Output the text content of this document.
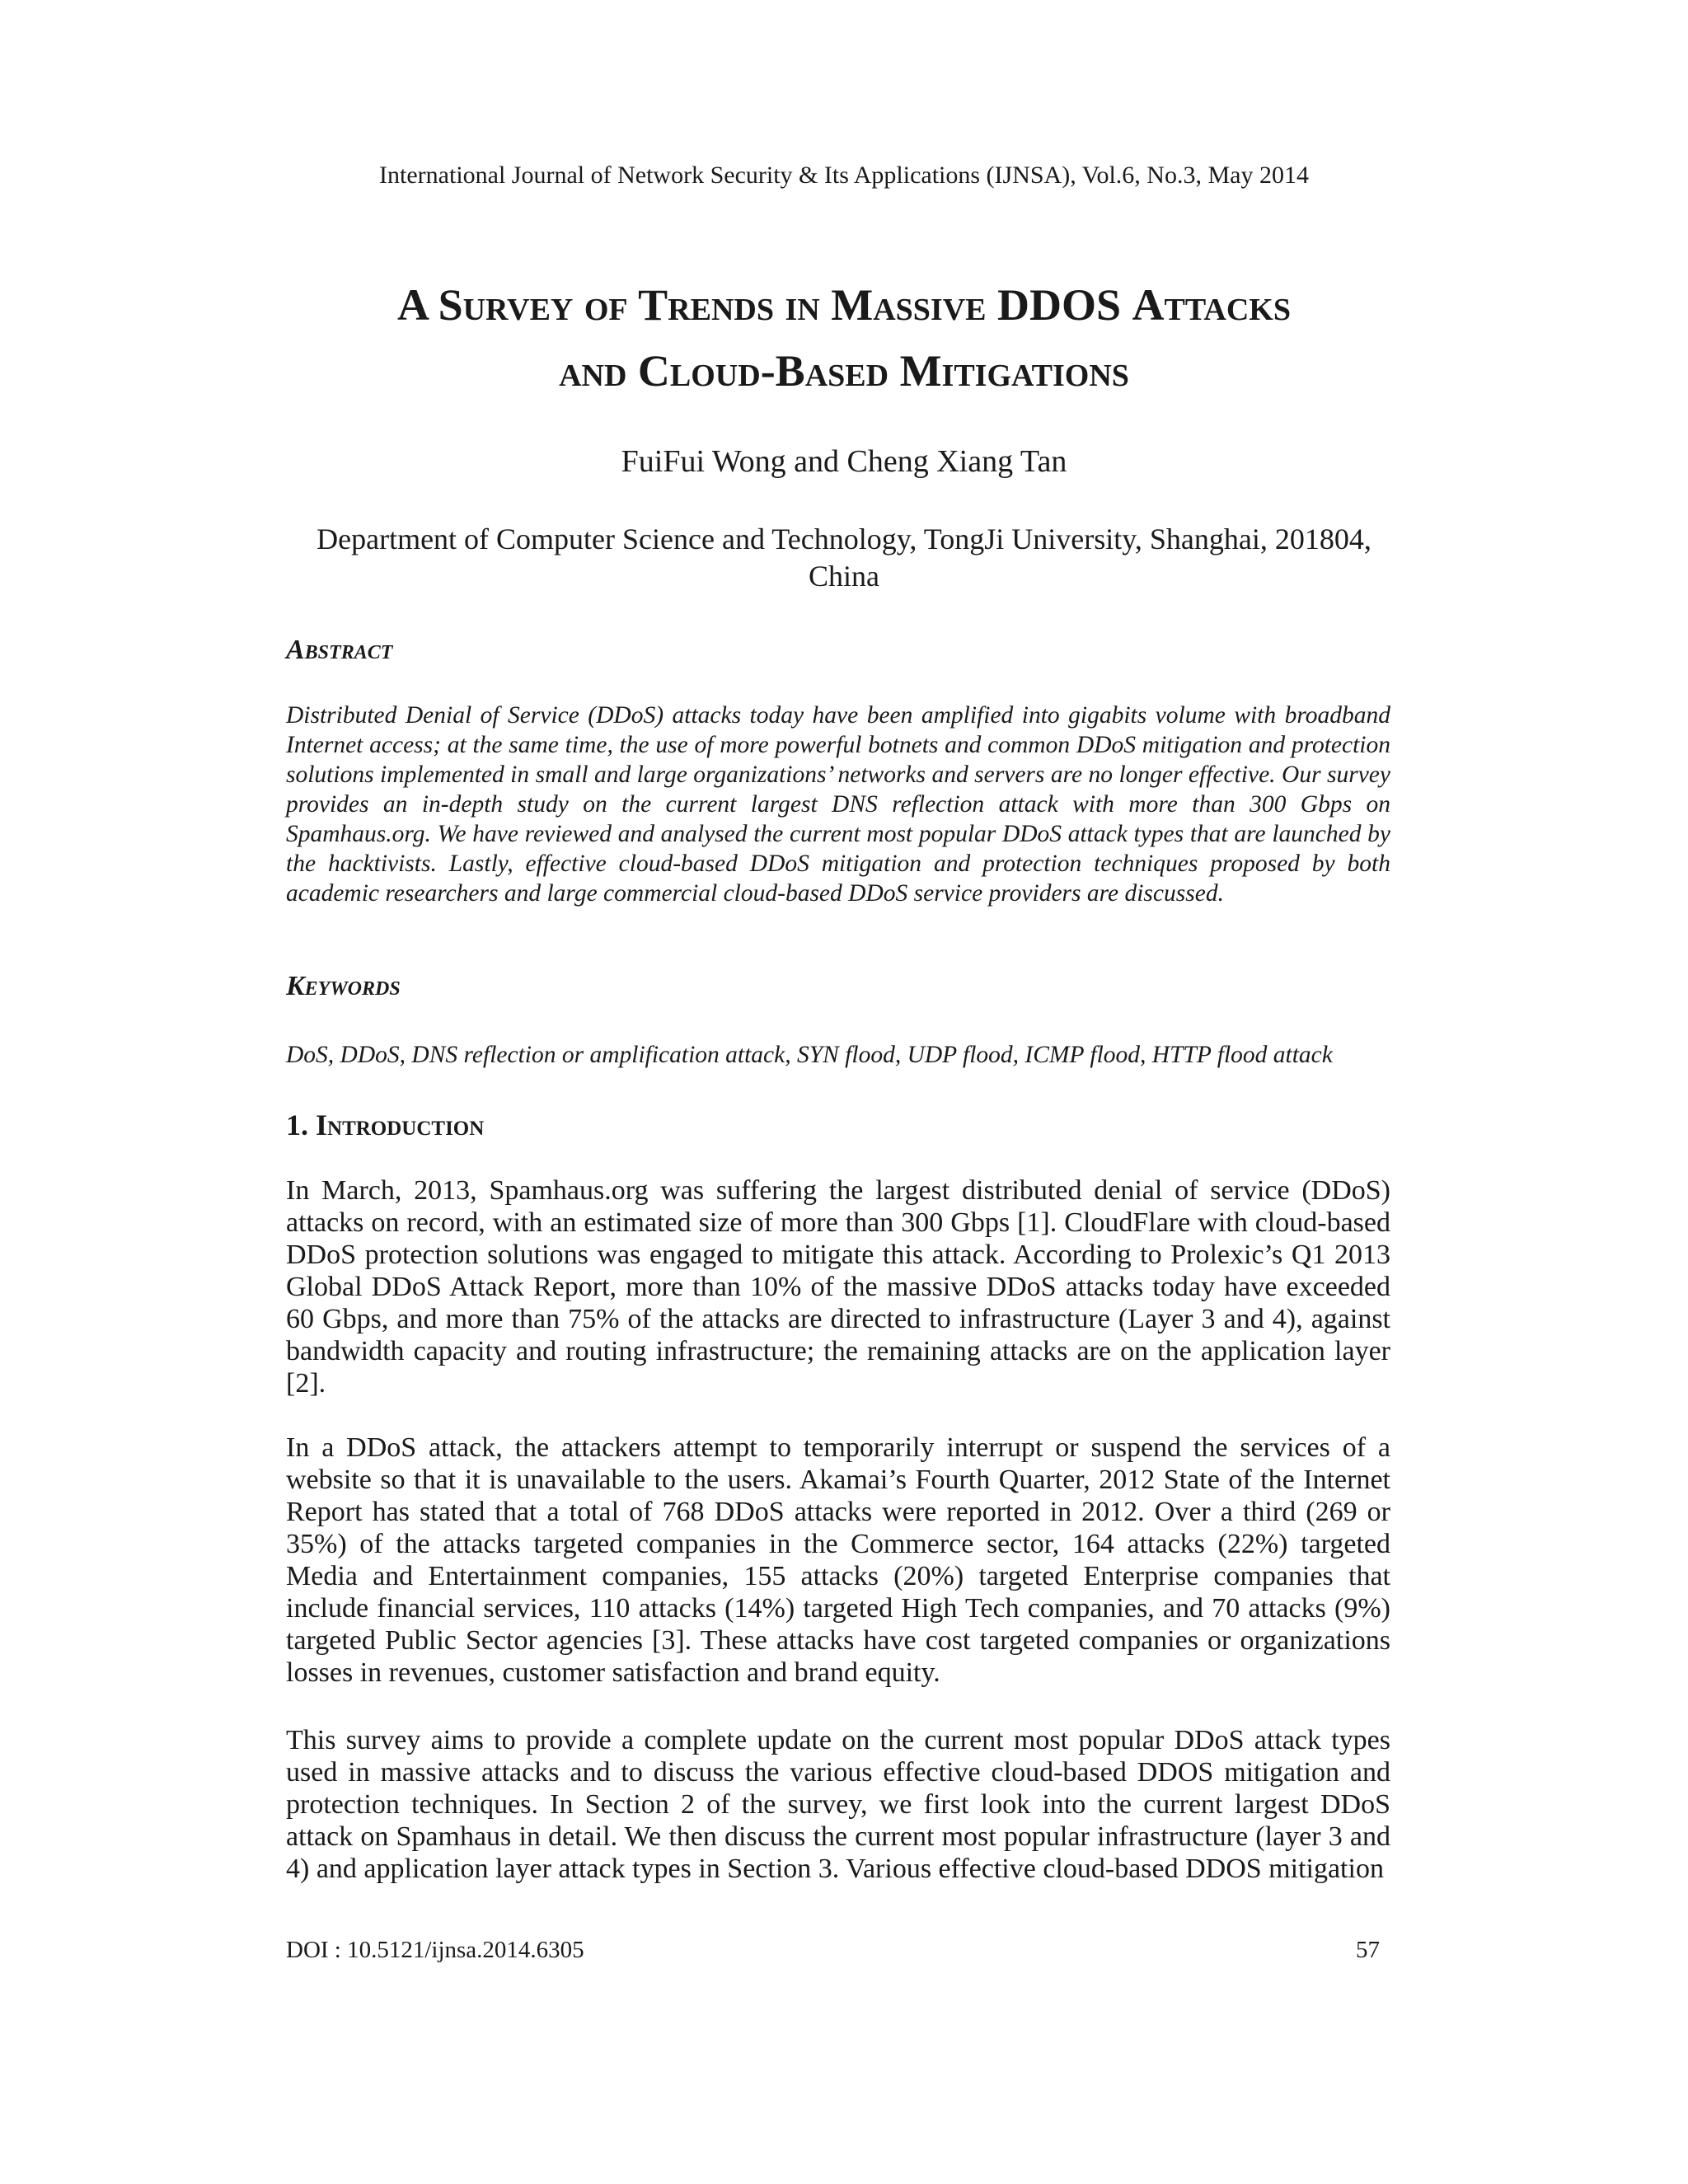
International Journal of Network Security & Its Applications (IJNSA), Vol.6, No.3, May 2014
A Survey of Trends in Massive DDOS Attacks
and Cloud-Based Mitigations
FuiFui Wong and Cheng Xiang Tan
Department of Computer Science and Technology, TongJi University, Shanghai, 201804,
China
Abstract
Distributed Denial of Service (DDoS) attacks today have been amplified into gigabits volume with broadband Internet access; at the same time, the use of more powerful botnets and common DDoS mitigation and protection solutions implemented in small and large organizations’ networks and servers are no longer effective. Our survey provides an in-depth study on the current largest DNS reflection attack with more than 300 Gbps on Spamhaus.org. We have reviewed and analysed the current most popular DDoS attack types that are launched by the hacktivists. Lastly, effective cloud-based DDoS mitigation and protection techniques proposed by both academic researchers and large commercial cloud-based DDoS service providers are discussed.
Keywords
DoS, DDoS, DNS reflection or amplification attack, SYN flood, UDP flood, ICMP flood, HTTP flood attack
1. Introduction
In March, 2013, Spamhaus.org was suffering the largest distributed denial of service (DDoS) attacks on record, with an estimated size of more than 300 Gbps [1]. CloudFlare with cloud-based DDoS protection solutions was engaged to mitigate this attack. According to Prolexic’s Q1 2013 Global DDoS Attack Report, more than 10% of the massive DDoS attacks today have exceeded 60 Gbps, and more than 75% of the attacks are directed to infrastructure (Layer 3 and 4), against bandwidth capacity and routing infrastructure; the remaining attacks are on the application layer [2].
In a DDoS attack, the attackers attempt to temporarily interrupt or suspend the services of a website so that it is unavailable to the users. Akamai’s Fourth Quarter, 2012 State of the Internet Report has stated that a total of 768 DDoS attacks were reported in 2012. Over a third (269 or 35%) of the attacks targeted companies in the Commerce sector, 164 attacks (22%) targeted Media and Entertainment companies, 155 attacks (20%) targeted Enterprise companies that include financial services, 110 attacks (14%) targeted High Tech companies, and 70 attacks (9%) targeted Public Sector agencies [3]. These attacks have cost targeted companies or organizations losses in revenues, customer satisfaction and brand equity.
This survey aims to provide a complete update on the current most popular DDoS attack types used in massive attacks and to discuss the various effective cloud-based DDOS mitigation and protection techniques. In Section 2 of the survey, we first look into the current largest DDoS attack on Spamhaus in detail. We then discuss the current most popular infrastructure (layer 3 and 4) and application layer attack types in Section 3. Various effective cloud-based DDOS mitigation
DOI : 10.5121/ijnsa.2014.6305	57
